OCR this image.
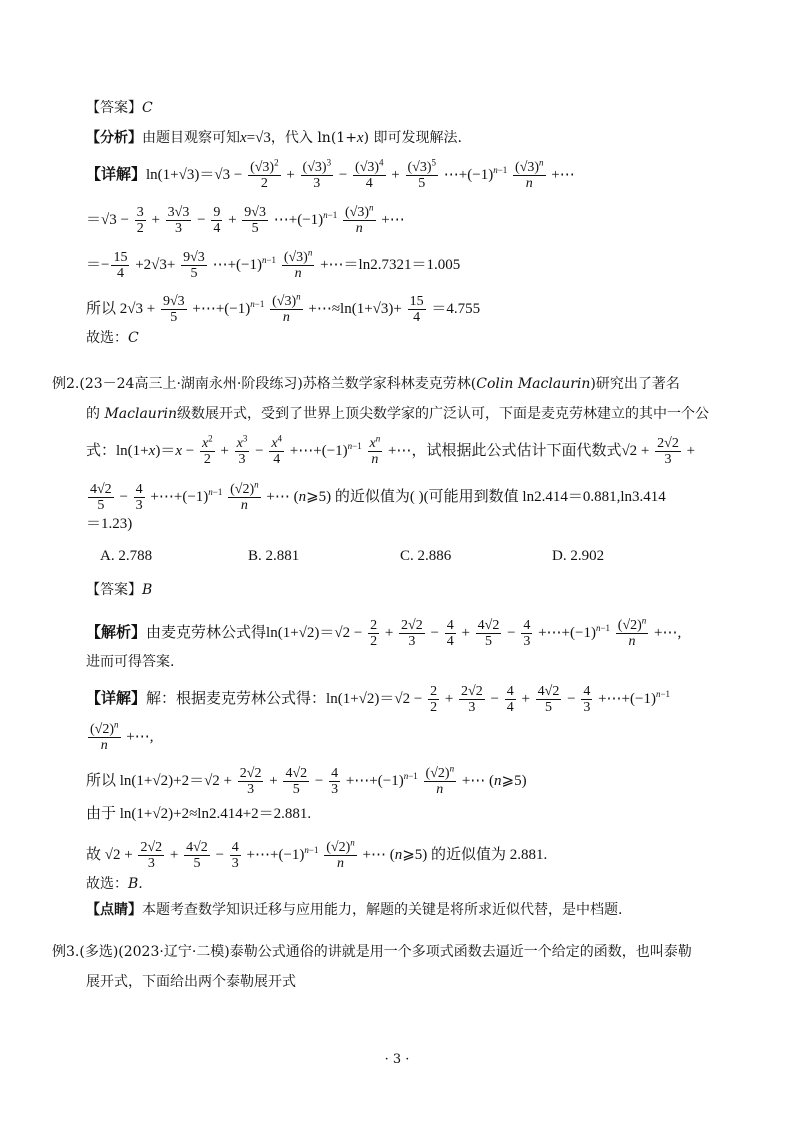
【答案】C
【分析】由题目观察可知x=√3，代入 ln(1+x) 即可发现解法.
【详解】$\ln(1+√3)=√3 - \frac{(√3)^2}{2} + \frac{(√3)^3}{3} - \frac{(√3)^4}{4} + \frac{(√3)^5}{5}$ $\cdots+(-1)^{n-1} \frac{(√3)^n}{n}$ +⋯
$=√3 - \frac{3}{2} + \frac{3√3}{3} - \frac{9}{4} + \frac{9√3}{5}$ $\cdots+(-1)^{n-1} \frac{(√3)^n}{n}$ +⋯
＝− $\frac{15}{4} +2√3+ \frac{9√3}{5}$ $\cdots+(-1)^{n-1} \frac{(√3)^n}{n}$ +⋯＝ln2.7321＝1.005
所以 $2√3 + \frac{9√3}{5}$ $+\cdots+(-1)^{n-1} \frac{(√3)^n}{n}$ +⋯≈ln(1+√3)+ $\frac{15}{4} =4.755$
故选：C
例2.(23－24高三上·湖南永州·阶段练习)苏格兰数学家科林麦克劳林(Colin Maclaurin)研究出了著名
的 Maclaurin级数展开式，受到了世界上顶尖数学家的广泛认可，下面是麦克劳林建立的其中一个公
式：$\ln(1+x)=x - \frac{x^2}{2} + \frac{x^3}{3} - \frac{x^4}{4}$ $+\cdots+(-1)^{n-1} \frac{x^n}{n}$ +⋯，试根据此公式估计下面代数式$√2 + \frac{2√2}{3}$ +
$\frac{4√2}{5} - \frac{4}{3}$ $+\cdots+(-1)^{n-1} \frac{(√2)^n}{n}$ +⋯ (n⩾5) 的近似值为( )(可能用到数值 ln2.414＝0.881,ln3.414
＝1.23)
A. 2.788	B. 2.881	C. 2.886	D. 2.902
【答案】B
【解析】由麦克劳林公式得$\ln(1+√2)=√2 - \frac{2}{2} + \frac{2√2}{3} - \frac{4}{4} + \frac{4√2}{5} - \frac{4}{3}$ $+\cdots+(-1)^{n-1} \frac{(√2)^n}{n}$ +⋯,
进而可得答案.
【详解】解：根据麦克劳林公式得：$\ln(1+√2)=√2 - \frac{2}{2} + \frac{2√2}{3} - \frac{4}{4} + \frac{4√2}{5} - \frac{4}{3}$ $+\cdots+(-1)^{n-1}$
$\frac{(√2)^n}{n}$ +⋯,
所以 $\ln(1+√2)+2=√2 + \frac{2√2}{3} + \frac{4√2}{5} - \frac{4}{3}$ $+\cdots+(-1)^{n-1} \frac{(√2)^n}{n}$ +⋯ (n⩾5)
由于 ln(1+√2)+2≈ln2.414+2＝2.881.
故 $√2 + \frac{2√2}{3} + \frac{4√2}{5} - \frac{4}{3}$ $+\cdots+(-1)^{n-1} \frac{(√2)^n}{n}$ +⋯ (n⩾5) 的近似值为 2.881.
故选：B.
【点睛】本题考查数学知识迁移与应用能力，解题的关键是将所求近似代替，是中档题.
例3.(多选)(2023·辽宁·二模)泰勒公式通俗的讲就是用一个多项式函数去逼近一个给定的函数，也叫泰勒
展开式，下面给出两个泰勒展开式
· 3 ·
